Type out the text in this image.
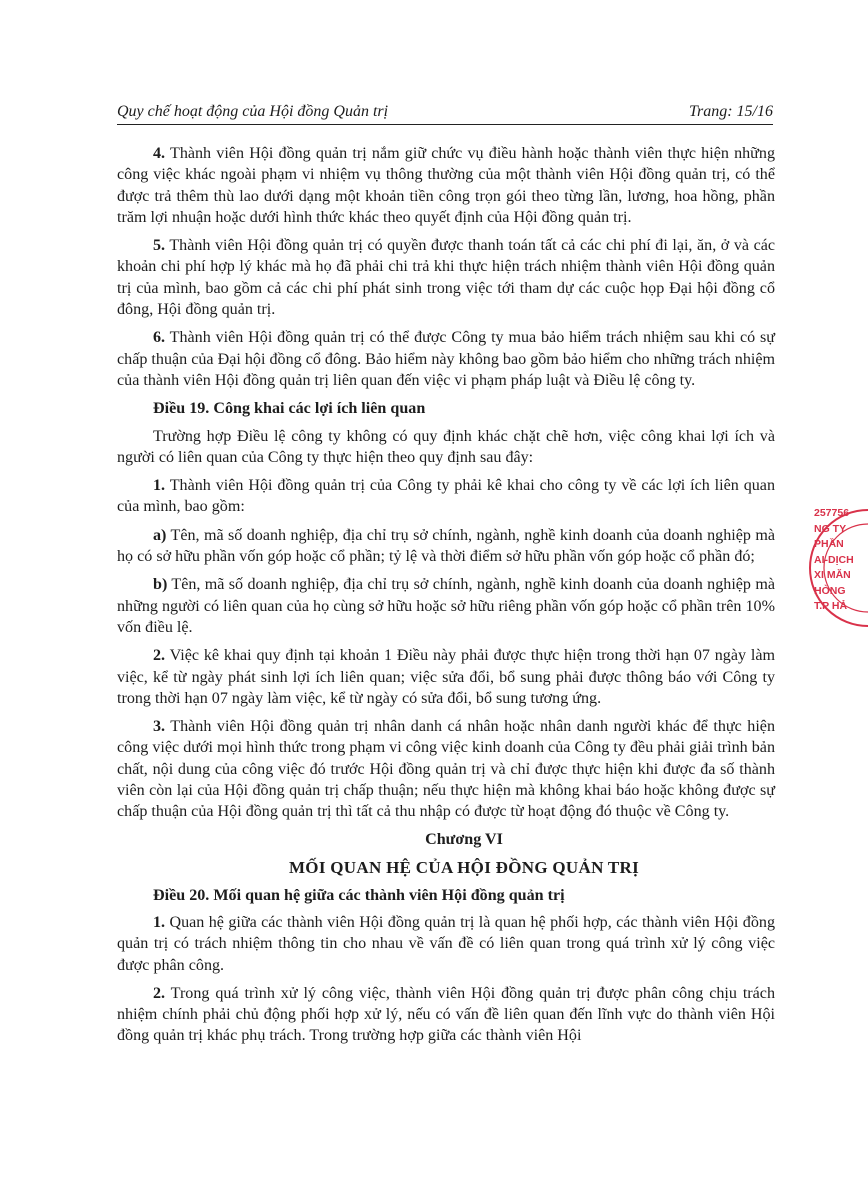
Quy chế hoạt động của Hội đồng Quản trị	Trang: 15/16

4. Thành viên Hội đồng quản trị nắm giữ chức vụ điều hành hoặc thành viên thực hiện những công việc khác ngoài phạm vi nhiệm vụ thông thường của một thành viên Hội đồng quản trị, có thể được trả thêm thù lao dưới dạng một khoản tiền công trọn gói theo từng lần, lương, hoa hồng, phần trăm lợi nhuận hoặc dưới hình thức khác theo quyết định của Hội đồng quản trị.

5. Thành viên Hội đồng quản trị có quyền được thanh toán tất cả các chi phí đi lại, ăn, ở và các khoản chi phí hợp lý khác mà họ đã phải chi trả khi thực hiện trách nhiệm thành viên Hội đồng quản trị của mình, bao gồm cả các chi phí phát sinh trong việc tới tham dự các cuộc họp Đại hội đồng cổ đông, Hội đồng quản trị.

6. Thành viên Hội đồng quản trị có thể được Công ty mua bảo hiểm trách nhiệm sau khi có sự chấp thuận của Đại hội đồng cổ đông. Bảo hiểm này không bao gồm bảo hiểm cho những trách nhiệm của thành viên Hội đồng quản trị liên quan đến việc vi phạm pháp luật và Điều lệ công ty.

Điều 19. Công khai các lợi ích liên quan

Trường hợp Điều lệ công ty không có quy định khác chặt chẽ hơn, việc công khai lợi ích và người có liên quan của Công ty thực hiện theo quy định sau đây:

1. Thành viên Hội đồng quản trị của Công ty phải kê khai cho công ty về các lợi ích liên quan của mình, bao gồm:

a) Tên, mã số doanh nghiệp, địa chỉ trụ sở chính, ngành, nghề kinh doanh của doanh nghiệp mà họ có sở hữu phần vốn góp hoặc cổ phần; tỷ lệ và thời điểm sở hữu phần vốn góp hoặc cổ phần đó;

b) Tên, mã số doanh nghiệp, địa chỉ trụ sở chính, ngành, nghề kinh doanh của doanh nghiệp mà những người có liên quan của họ cùng sở hữu hoặc sở hữu riêng phần vốn góp hoặc cổ phần trên 10% vốn điều lệ.

2. Việc kê khai quy định tại khoản 1 Điều này phải được thực hiện trong thời hạn 07 ngày làm việc, kể từ ngày phát sinh lợi ích liên quan; việc sửa đổi, bổ sung phải được thông báo với Công ty trong thời hạn 07 ngày làm việc, kể từ ngày có sửa đổi, bổ sung tương ứng.

3. Thành viên Hội đồng quản trị nhân danh cá nhân hoặc nhân danh người khác để thực hiện công việc dưới mọi hình thức trong phạm vi công việc kinh doanh của Công ty đều phải giải trình bản chất, nội dung của công việc đó trước Hội đồng quản trị và chỉ được thực hiện khi được đa số thành viên còn lại của Hội đồng quản trị chấp thuận; nếu thực hiện mà không khai báo hoặc không được sự chấp thuận của Hội đồng quản trị thì tất cả thu nhập có được từ hoạt động đó thuộc về Công ty.

Chương VI

MỐI QUAN HỆ CỦA HỘI ĐỒNG QUẢN TRỊ

Điều 20. Mối quan hệ giữa các thành viên Hội đồng quản trị

1. Quan hệ giữa các thành viên Hội đồng quản trị là quan hệ phối hợp, các thành viên Hội đồng quản trị có trách nhiệm thông tin cho nhau về vấn đề có liên quan trong quá trình xử lý công việc được phân công.

2. Trong quá trình xử lý công việc, thành viên Hội đồng quản trị được phân công chịu trách nhiệm chính phải chủ động phối hợp xử lý, nếu có vấn đề liên quan đến lĩnh vực do thành viên Hội đồng quản trị khác phụ trách. Trong trường hợp giữa các thành viên Hội

257756
NG TY
PHẦN
AI-DỊCH
XI MĂN
HÒNG
T.P HẢ
